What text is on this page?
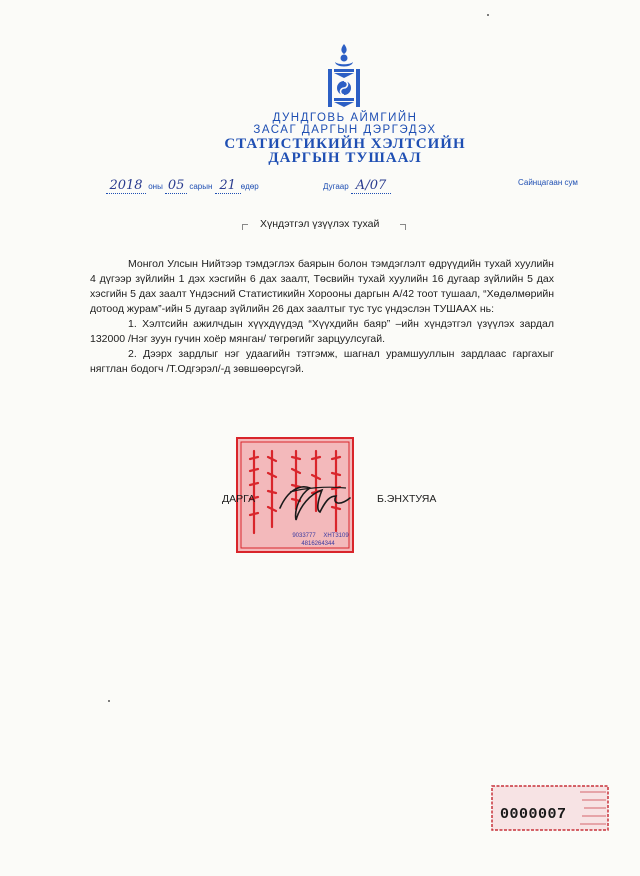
ДУНДГОВЬ АЙМГИЙН
ЗАСАГ ДАРГЫН ДЭРГЭДЭХ
СТАТИСТИКИЙН ХЭЛТСИЙН
ДАРГЫН ТУШААЛ
2018 оны 05 сарын 21 өдөр	Дугаар А/07	Сайнцагаан сум
Хүндэтгэл үзүүлэх тухай

Монгол Улсын Нийтээр тэмдэглэх баярын болон тэмдэглэлт өдрүүдийн тухай хуулийн 4 дүгээр зүйлийн 1 дэх хэсгийн 6 дах заалт, Төсвийн тухай хуулийн 16 дугаар зүйлийн 5 дах хэсгийн 5 дах заалт Үндэсний Статистикийн Хорооны даргын А/42 тоот тушаал, “Хөдөлмөрийн дотоод журам”-ийн 5 дугаар зүйлийн 26 дах заалтыг тус тус үндэслэн ТУШААХ нь:

1. Хэлтсийн ажилчдын хүүхдүүдэд “Хүүхдийн баяр” –ийн хүндэтгэл үзүүлэх зардал 132000 /Нэг зуун гучин хоёр мянган/ төгрөгийг зарцуулсугай.

2. Дээрх зардлыг нэг удаагийн тэтгэмж, шагнал урамшууллын зардлаас гаргахыг нягтлан бодогч /Т.Одгэрэл/-д зөвшөөрсүгэй.

9033777 ХНТ3109
4816264344
ДАРГА	Б.ЭНХТУЯА
0000007
